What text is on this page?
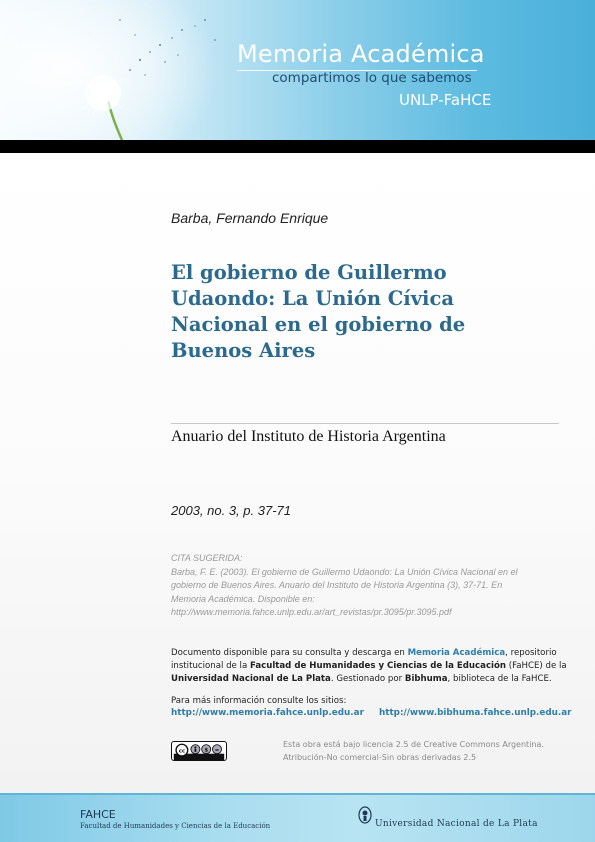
Memoria Académica
compartimos lo que sabemos
UNLP-FaHCE
Barba, Fernando Enrique
El gobierno de Guillermo
Udaondo: La Unión Cívica
Nacional en el gobierno de
Buenos Aires
Anuario del Instituto de Historia Argentina
2003, no. 3, p. 37-71
CITA SUGERIDA:
Barba, F. E. (2003). El gobierno de Guillermo Udaondo: La Unión Cívica Nacional en el
gobierno de Buenos Aires. Anuario del Instituto de Historia Argentina (3), 37-71. En
Memoria Académica. Disponible en:
http://www.memoria.fahce.unlp.edu.ar/art_revistas/pr.3095/pr.3095.pdf
Documento disponible para su consulta y descarga en Memoria Académica, repositorio
institucional de la Facultad de Humanidades y Ciencias de la Educación (FaHCE) de la
Universidad Nacional de La Plata. Gestionado por Bibhuma, biblioteca de la FaHCE.
Para más información consulte los sitios:
http://www.memoria.fahce.unlp.edu.ar http://www.bibhuma.fahce.unlp.edu.ar
cc	$ =
Esta obra está bajo licencia 2.5 de Creative Commons Argentina.
Atribución-No comercial-Sin obras derivadas 2.5
FAHCE
Facultad de Humanidades y Ciencias de la Educación	Universidad Nacional de La Plata
